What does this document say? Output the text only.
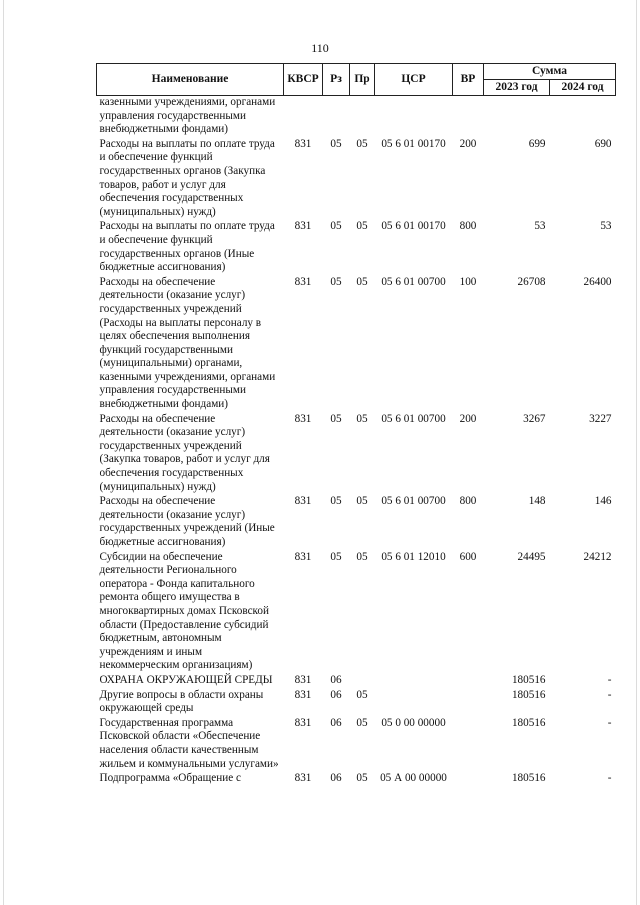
110
Наименование	КВСР	Рз	Пр	ЦСР	ВР	Сумма	
						2023 год	2024 год
казенными учреждениями, органами управления государственными внебюджетными фондами)							
Расходы на выплаты по оплате труда и обеспечение функций государственных органов (Закупка товаров, работ и услуг для обеспечения государственных (муниципальных) нужд)	831	05	05	05 6 01 00170	200	699	690
Расходы на выплаты по оплате труда и обеспечение функций государственных органов (Иные бюджетные ассигнования)	831	05	05	05 6 01 00170	800	53	53
Расходы на обеспечение деятельности (оказание услуг) государственных учреждений (Расходы на выплаты персоналу в целях обеспечения выполнения функций государственными (муниципальными) органами, казенными учреждениями, органами управления государственными внебюджетными фондами)	831	05	05	05 6 01 00700	100	26708	26400
Расходы на обеспечение деятельности (оказание услуг) государственных учреждений (Закупка товаров, работ и услуг для обеспечения государственных (муниципальных) нужд)	831	05	05	05 6 01 00700	200	3267	3227
Расходы на обеспечение деятельности (оказание услуг) государственных учреждений (Иные бюджетные ассигнования)	831	05	05	05 6 01 00700	800	148	146
Субсидии на обеспечение деятельности Регионального оператора - Фонда капитального ремонта общего имущества в многоквартирных домах Псковской области (Предоставление субсидий бюджетным, автономным учреждениям и иным некоммерческим организациям)	831	05	05	05 6 01 12010	600	24495	24212
ОХРАНА ОКРУЖАЮЩЕЙ СРЕДЫ	831	06				180516	-
Другие вопросы в области охраны окружающей среды	831	06	05			180516	-
Государственная программа Псковской области «Обеспечение населения области качественным жильем и коммунальными услугами»	831	06	05	05 0 00 00000		180516	-
Подпрограмма «Обращение с	831	06	05	05 А 00 00000		180516	-
